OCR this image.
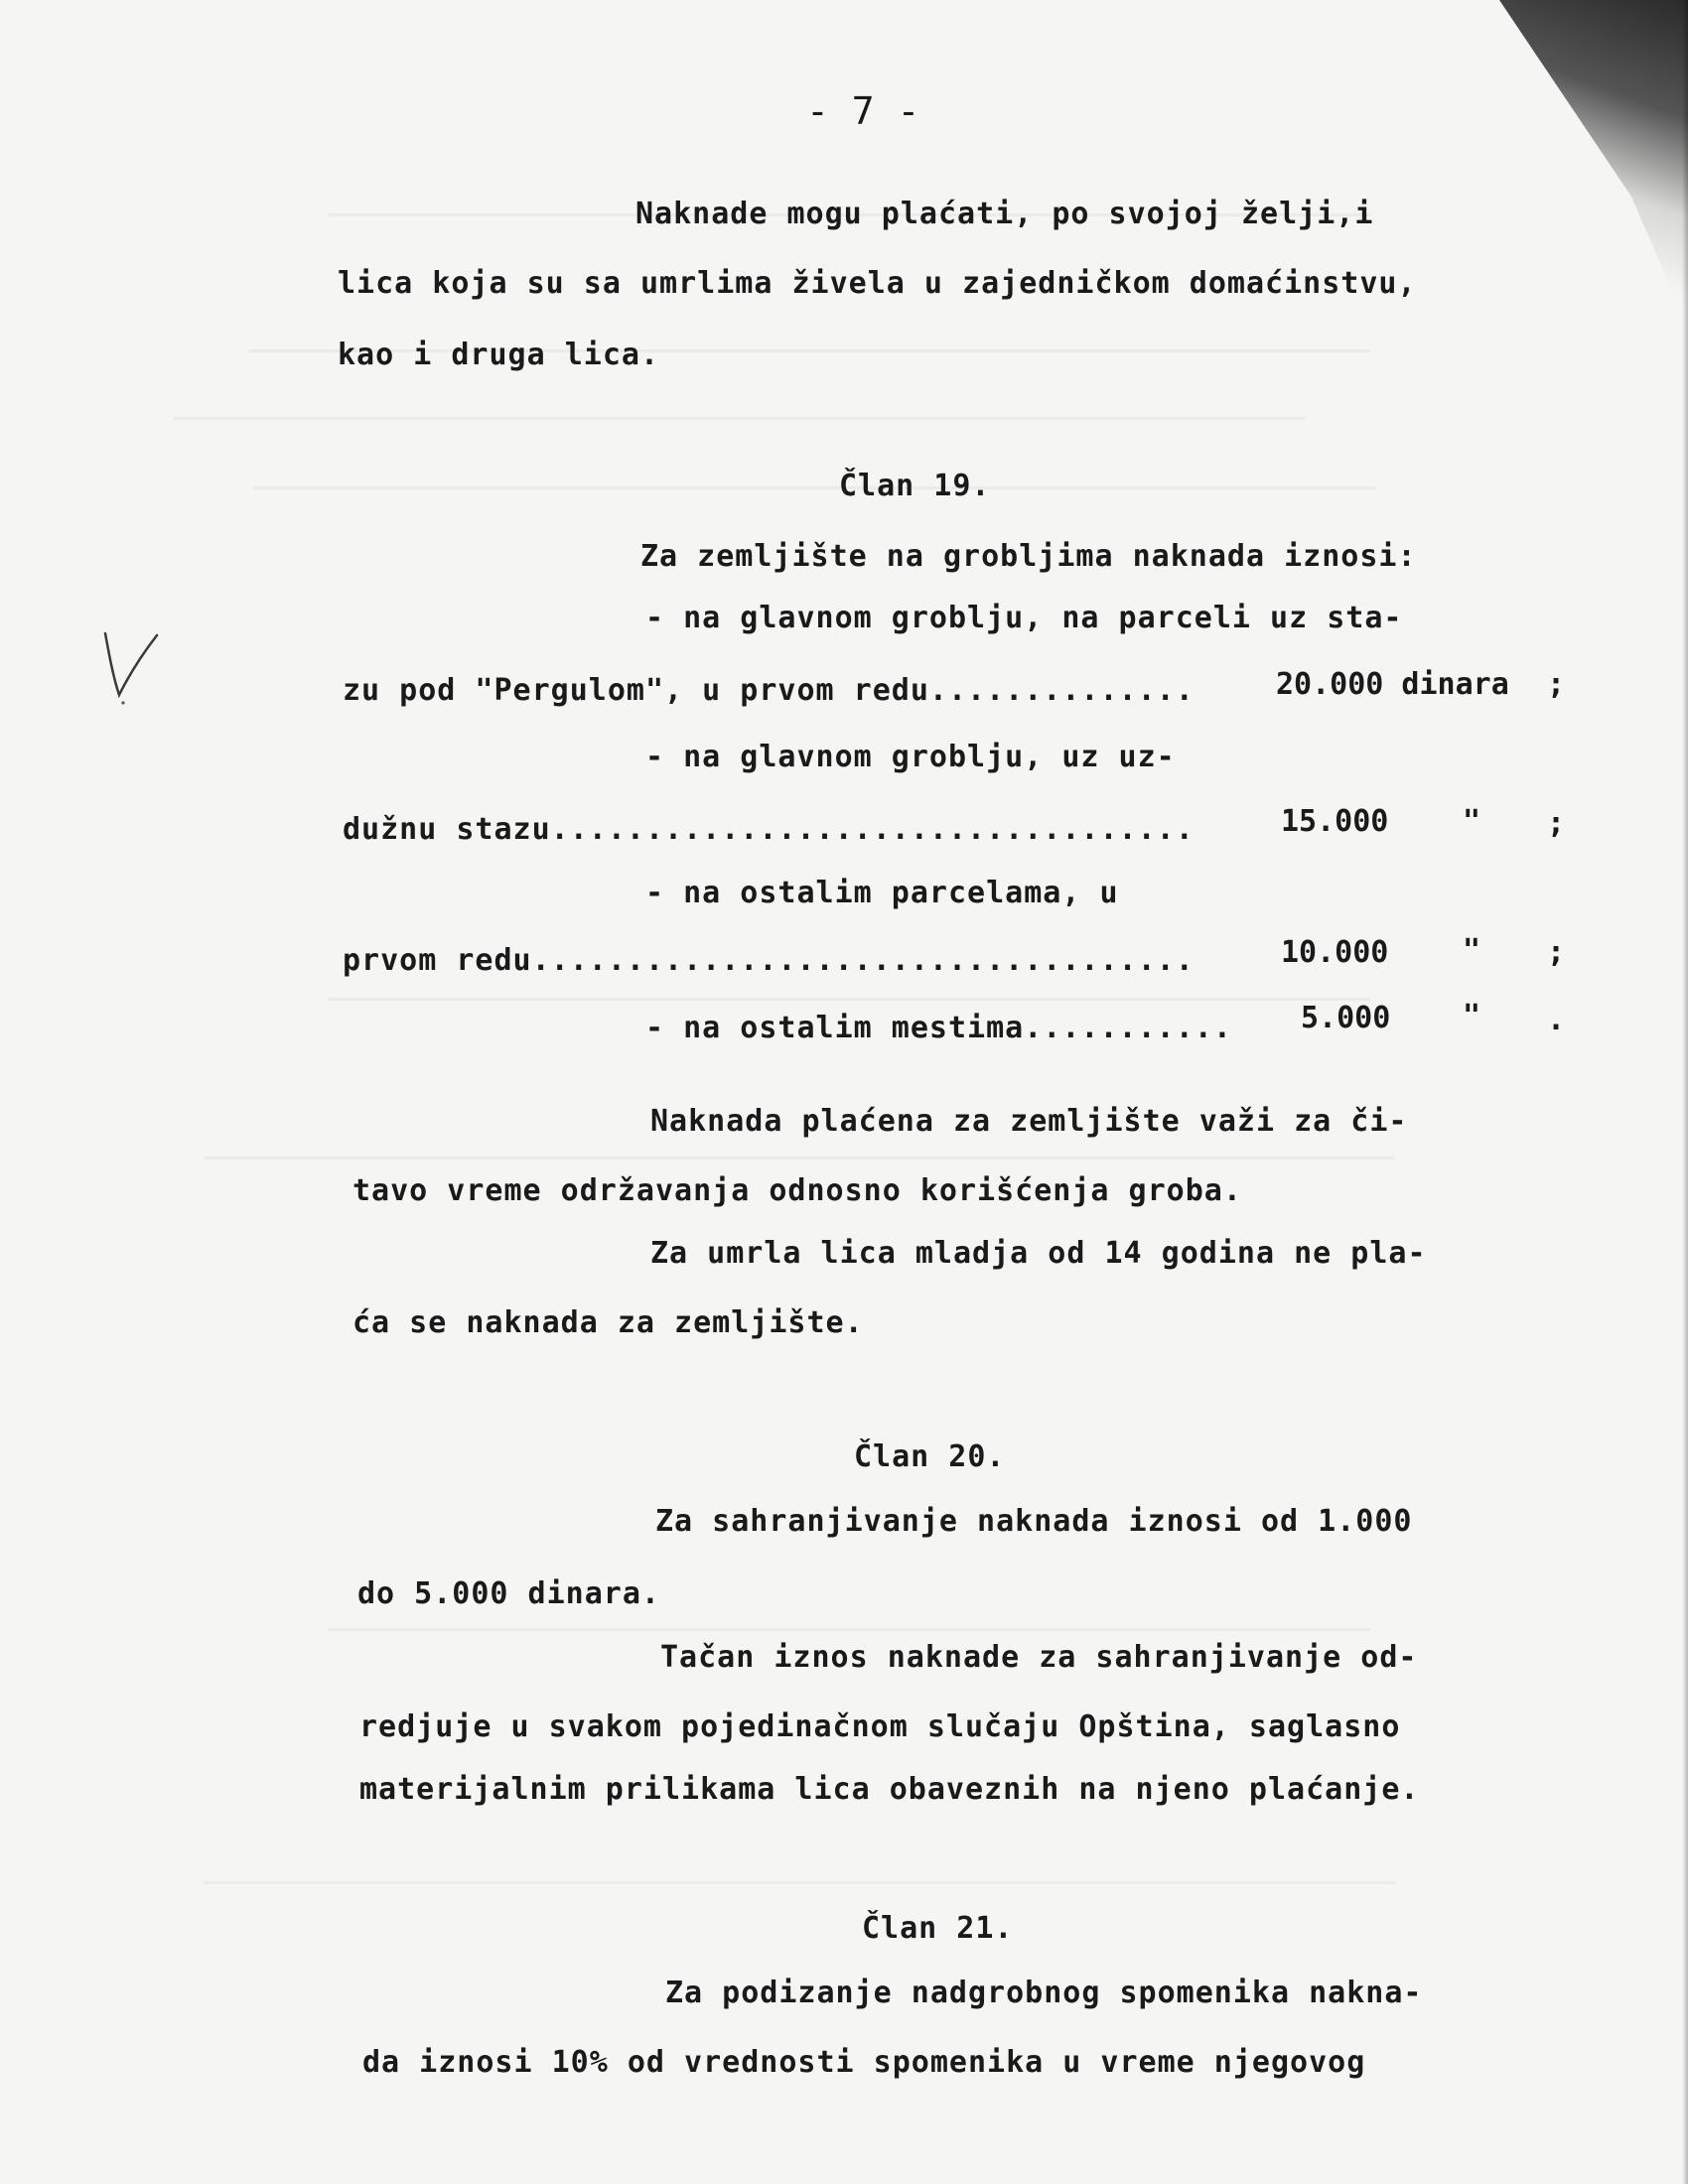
- 7 -
Naknade mogu plaćati, po svojoj želji,i
lica koja su sa umrlima živela u zajedničkom domaćinstvu,
kao i druga lica.
Član 19.
Za zemljište na grobljima naknada iznosi:
- na glavnom groblju, na parceli uz sta-
zu pod "Pergulom", u prvom redu..............	20.000 dinara ;
- na glavnom groblju, uz uz-
dužnu stazu..................................	15.000 " ;
- na ostalim parcelama, u
prvom redu...................................	10.000 " ;
- na ostalim mestima........... 5.000 " .
Naknada plaćena za zemljište važi za či-
tavo vreme održavanja odnosno korišćenja groba.
Za umrla lica mladja od 14 godina ne pla-
ća se naknada za zemljište.
Član 20.
Za sahranjivanje naknada iznosi od 1.000
do 5.000 dinara.
Tačan iznos naknade za sahranjivanje od-
redjuje u svakom pojedinačnom slučaju Opština, saglasno
materijalnim prilikama lica obaveznih na njeno plaćanje.
Član 21.
Za podizanje nadgrobnog spomenika nakna-
da iznosi 10% od vrednosti spomenika u vreme njegovog
